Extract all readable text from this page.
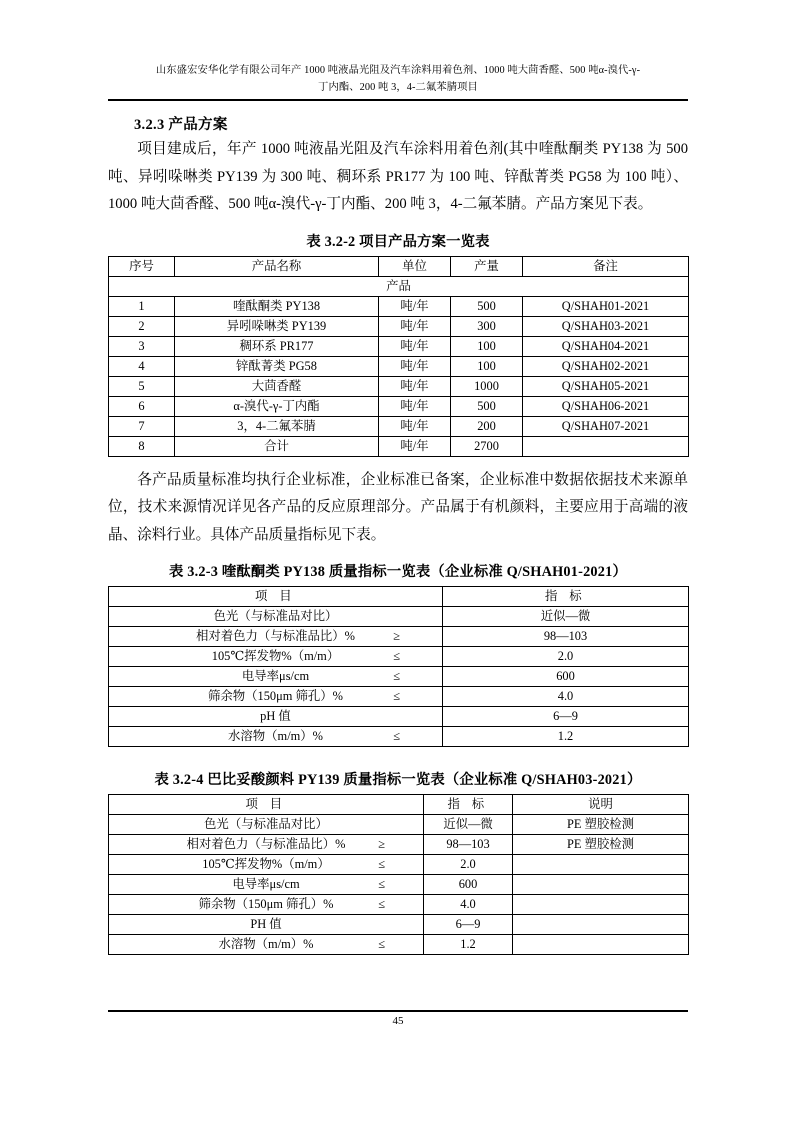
山东盛宏安华化学有限公司年产 1000 吨液晶光阻及汽车涂料用着色剂、1000 吨大茴香醛、500 吨α-溴代-γ-
丁内酯、200 吨 3，4-二氟苯腈项目
3.2.3 产品方案

项目建成后，年产 1000 吨液晶光阻及汽车涂料用着色剂(其中喹酞酮类 PY138 为 500 吨、异吲哚啉类 PY139 为 300 吨、稠环系 PR177 为 100 吨、锌酞菁类 PG58 为 100 吨）、1000 吨大茴香醛、500 吨α-溴代-γ-丁内酯、200 吨 3，4-二氟苯腈。产品方案见下表。

表 3.2-2 项目产品方案一览表
序号	产品名称	单位	产量	备注
产品				
1	喹酞酮类 PY138	吨/年	500	Q/SHAH01-2021
2	异吲哚啉类 PY139	吨/年	300	Q/SHAH03-2021
3	稠环系 PR177	吨/年	100	Q/SHAH04-2021
4	锌酞菁类 PG58	吨/年	100	Q/SHAH02-2021
5	大茴香醛	吨/年	1000	Q/SHAH05-2021
6	α-溴代-γ-丁内酯	吨/年	500	Q/SHAH06-2021
7	3，4-二氟苯腈	吨/年	200	Q/SHAH07-2021
8	合计	吨/年	2700	

各产品质量标准均执行企业标准，企业标准已备案，企业标准中数据依据技术来源单位，技术来源情况详见各产品的反应原理部分。产品属于有机颜料，主要应用于高端的液晶、涂料行业。具体产品质量指标见下表。

表 3.2-3 喹酞酮类 PY138 质量指标一览表（企业标准 Q/SHAH01-2021）
项 目	指 标
色光（与标准品对比）	近似—微
相对着色力（与标准品比）% ≥	98—103
105℃挥发物%（m/m） ≤	2.0
电导率μs/cm ≤	600
筛余物（150μm 筛孔）% ≤	4.0
pH 值	6—9
水溶物（m/m）% ≤	1.2
表 3.2-4 巴比妥酸颜料 PY139 质量指标一览表（企业标准 Q/SHAH03-2021）
项 目	指 标	说明
色光（与标准品对比）	近似—微	PE 塑胶检测
相对着色力（与标准品比）% ≥	98—103	PE 塑胶检测
105℃挥发物%（m/m） ≤	2.0	
电导率μs/cm ≤	600	
筛余物（150μm 筛孔）% ≤	4.0	
PH 值	6—9	
水溶物（m/m）% ≤	1.2	
45
